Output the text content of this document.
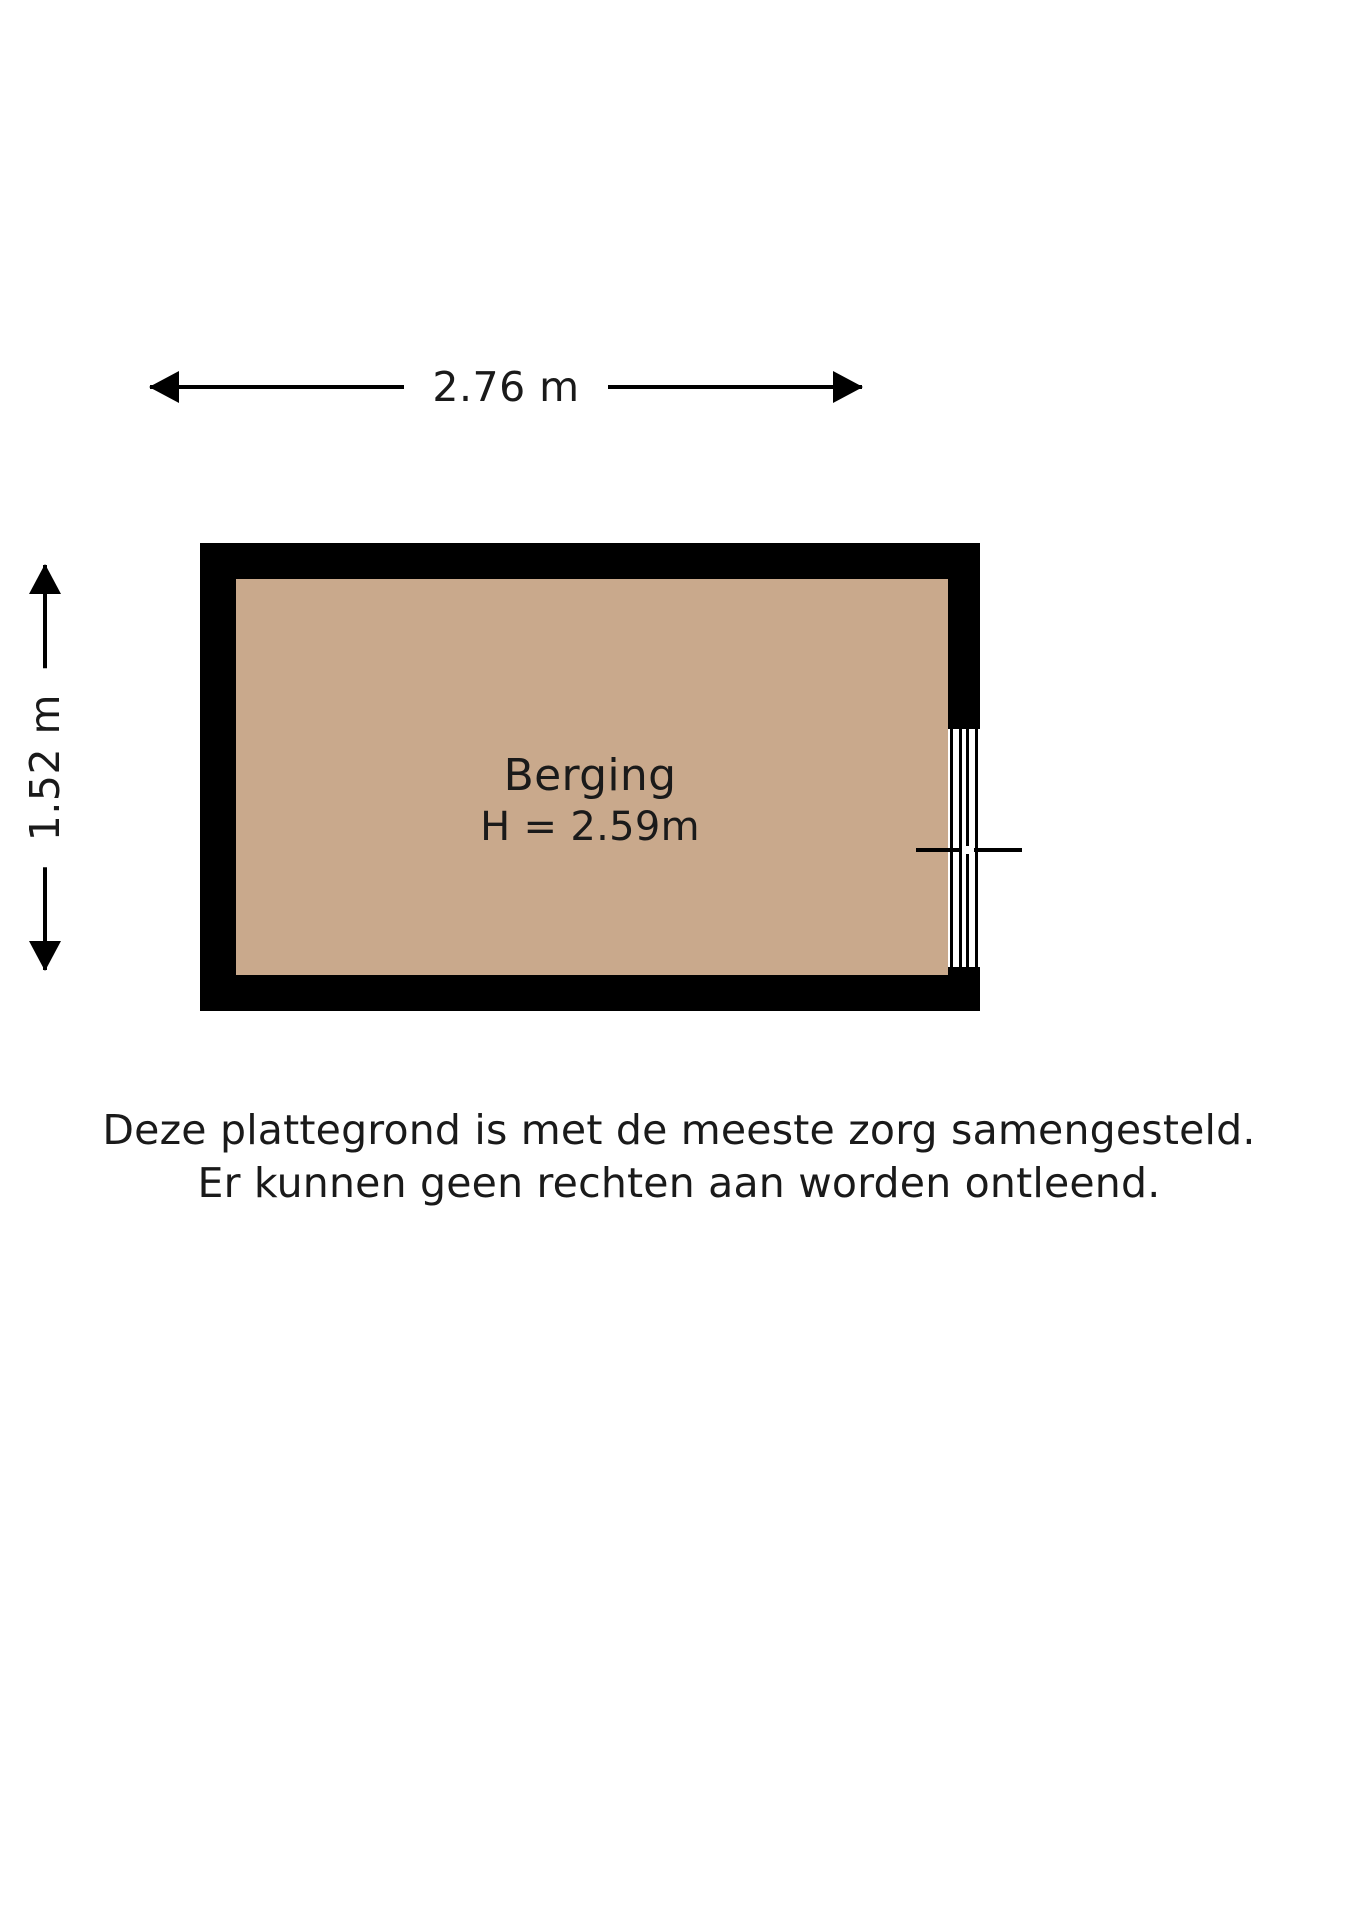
2.76 m
1.52 m	Berging
H = 2.59m
Deze plattegrond is met de meeste zorg samengesteld.
Er kunnen geen rechten aan worden ontleend.
